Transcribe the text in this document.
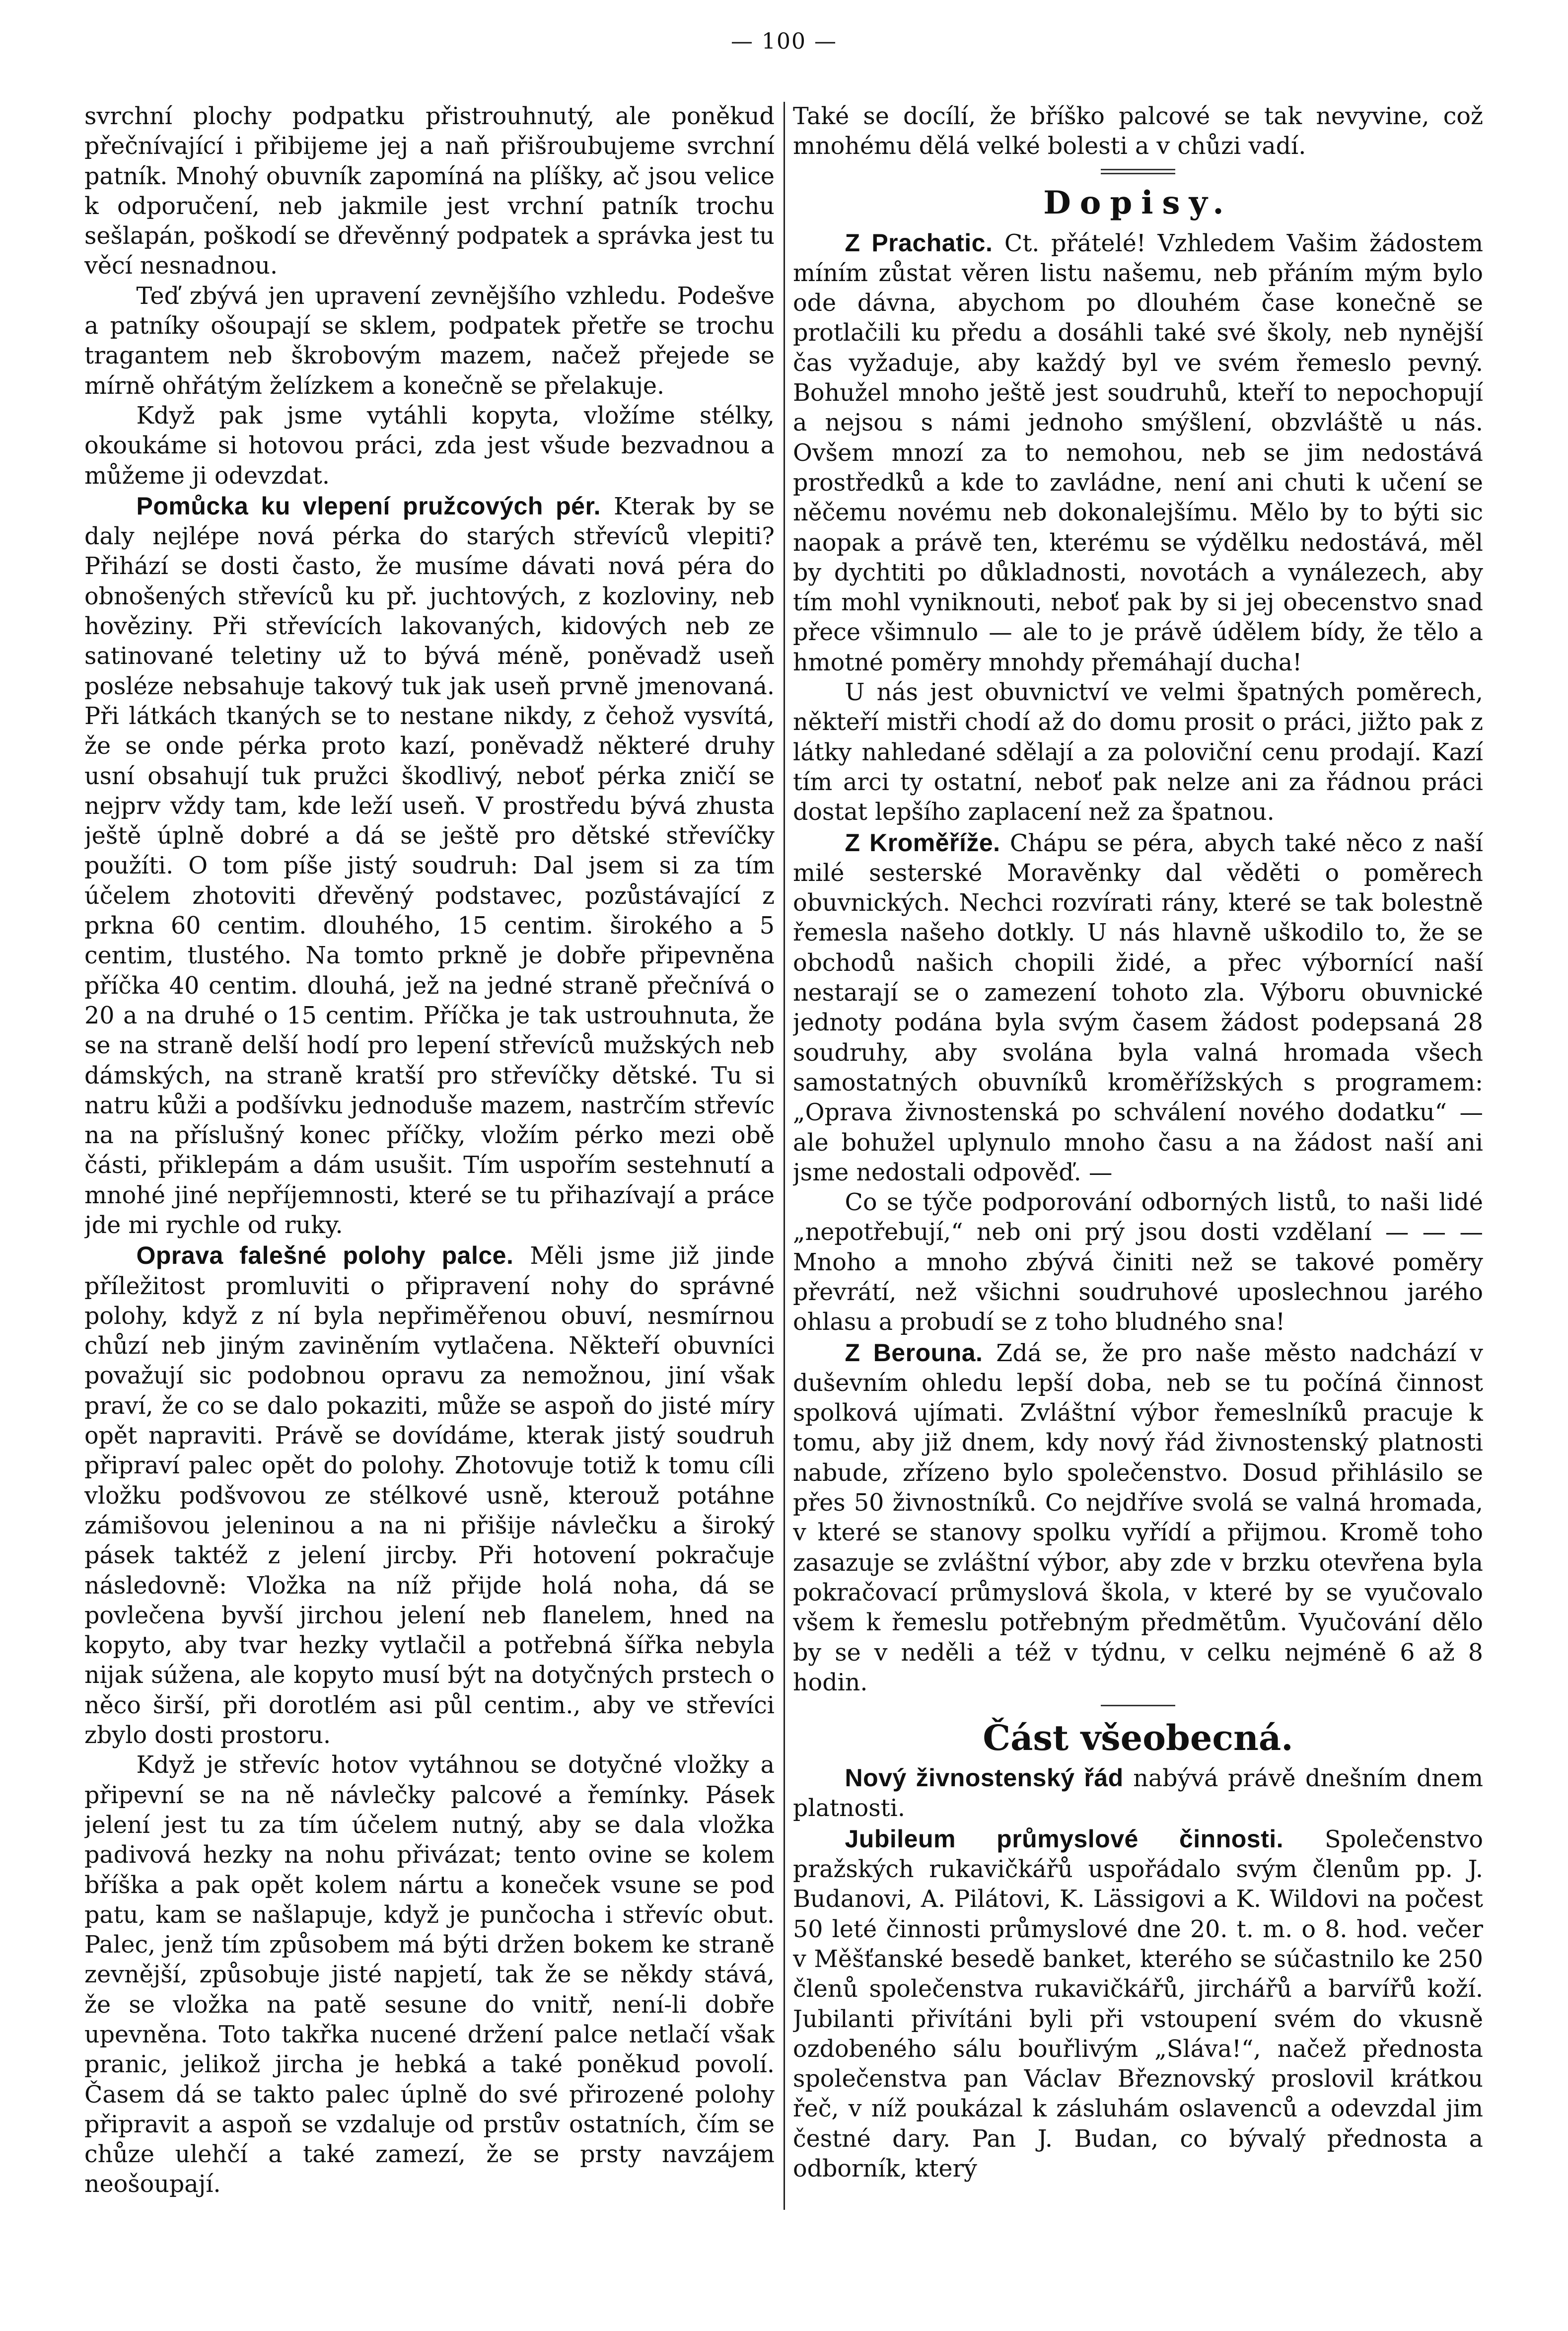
— 100 —

svrchní plochy podpatku přistrouhnutý, ale poněkud přečnívající i přibijeme jej a naň přišroubujeme svrchní patník. Mnohý obuvník zapomíná na plíšky, ač jsou velice k odporučení, neb jakmile jest vrchní patník trochu sešlapán, poškodí se dřevěnný podpatek a správka jest tu věcí nesnadnou.

Teď zbývá jen upravení zevnějšího vzhledu. Podešve a patníky ošoupají se sklem, podpatek přetře se trochu tragantem neb škrobovým mazem, načež přejede se mírně ohřátým želízkem a konečně se přelakuje.

Když pak jsme vytáhli kopyta, vložíme stélky, okoukáme si hotovou práci, zda jest všude bezvadnou a můžeme ji odevzdat.

Pomůcka ku vlepení pružcových pér. Kterak by se daly nejlépe nová pérka do starých střevíců vlepiti? Přihází se dosti často, že musíme dávati nová péra do obnošených střevíců ku př. juchtových, z kozloviny, neb hověziny. Při střevících lakovaných, kidových neb ze satinované teletiny už to bývá méně, poněvadž useň posléze nebsahuje takový tuk jak useň prvně jmenovaná. Při látkách tkaných se to nestane nikdy, z čehož vysvítá, že se onde pérka proto kazí, poněvadž některé druhy usní obsahují tuk pružci škodlivý, neboť pérka zničí se nejprv vždy tam, kde leží useň. V prostředu bývá zhusta ještě úplně dobré a dá se ještě pro dětské střevíčky použíti. O tom píše jistý soudruh: Dal jsem si za tím účelem zhotoviti dřevěný podstavec, pozůstávající z prkna 60 centim. dlouhého, 15 centim. širokého a 5 centim, tlustého. Na tomto prkně je dobře připevněna příčka 40 centim. dlouhá, jež na jedné straně přečnívá o 20 a na druhé o 15 centim. Příčka je tak ustrouhnuta, že se na straně delší hodí pro lepení střevíců mužských neb dámských, na straně kratší pro střevíčky dětské. Tu si natru kůži a podšívku jednoduše mazem, nastrčím střevíc na na příslušný konec příčky, vložím pérko mezi obě části, přiklepám a dám usušit. Tím uspořím sestehnutí a mnohé jiné nepříjemnosti, které se tu přihazívají a práce jde mi rychle od ruky.

Oprava falešné polohy palce. Měli jsme již jinde příležitost promluviti o připravení nohy do správné polohy, když z ní byla nepřiměřenou obuví, nesmírnou chůzí neb jiným zaviněním vytlačena. Někteří obuvníci považují sic podobnou opravu za nemožnou, jiní však praví, že co se dalo pokaziti, může se aspoň do jisté míry opět napraviti. Právě se dovídáme, kterak jistý soudruh připraví palec opět do polohy. Zhotovuje totiž k tomu cíli vložku podšvovou ze stélkové usně, kterouž potáhne zámišovou jeleninou a na ni přišije návlečku a široký pásek taktéž z jelení jircby. Při hotovení pokračuje následovně: Vložka na níž přijde holá noha, dá se povlečena byvší jirchou jelení neb flanelem, hned na kopyto, aby tvar hezky vytlačil a potřebná šířka nebyla nijak súžena, ale kopyto musí být na dotyčných prstech o něco širší, při dorotlém asi půl centim., aby ve střevíci zbylo dosti prostoru.

Když je střevíc hotov vytáhnou se dotyčné vložky a připevní se na ně návlečky palcové a řemínky. Pásek jelení jest tu za tím účelem nutný, aby se dala vložka padivová hezky na nohu přivázat; tento ovine se kolem bříška a pak opět kolem nártu a koneček vsune se pod patu, kam se našlapuje, když je punčocha i střevíc obut. Palec, jenž tím způsobem má býti držen bokem ke straně zevnější, způsobuje jisté napjetí, tak že se někdy stává, že se vložka na patě sesune do vnitř, není-li dobře upevněna. Toto takřka nucené držení palce netlačí však pranic, jelikož jircha je hebká a také poněkud povolí. Časem dá se takto palec úplně do své přirozené polohy připravit a aspoň se vzdaluje od prstův ostatních, čím se chůze ulehčí a také zamezí, že se prsty navzájem neošoupají.

Také se docílí, že bříško palcové se tak nevyvine, což mnohému dělá velké bolesti a v chůzi vadí.

Dopisy.

Z Prachatic. Ct. přátelé! Vzhledem Vašim žádostem míním zůstat věren listu našemu, neb přáním mým bylo ode dávna, abychom po dlouhém čase konečně se protlačili ku předu a dosáhli také své školy, neb nynější čas vyžaduje, aby každý byl ve svém řemeslo pevný. Bohužel mnoho ještě jest soudruhů, kteří to nepochopují a nejsou s námi jednoho smýšlení, obzvláště u nás. Ovšem mnozí za to nemohou, neb se jim nedostává prostředků a kde to zavládne, není ani chuti k učení se něčemu novému neb dokonalejšímu. Mělo by to býti sic naopak a právě ten, kterému se výdělku nedostává, měl by dychtiti po důkladnosti, novotách a vynálezech, aby tím mohl vyniknouti, neboť pak by si jej obecenstvo snad přece všimnulo — ale to je právě údělem bídy, že tělo a hmotné poměry mnohdy přemáhají ducha!

U nás jest obuvnictví ve velmi špatných poměrech, někteří mistři chodí až do domu prosit o práci, jižto pak z látky nahledané sdělají a za poloviční cenu prodají. Kazí tím arci ty ostatní, neboť pak nelze ani za řádnou práci dostat lepšího zaplacení než za špatnou.

Z Kroměříže. Chápu se péra, abych také něco z naší milé sesterské Moravěnky dal věděti o poměrech obuvnických. Nechci rozvírati rány, které se tak bolestně řemesla našeho dotkly. U nás hlavně uškodilo to, že se obchodů našich chopili židé, a přec výbornící naší nestarají se o zamezení tohoto zla. Výboru obuvnické jednoty podána byla svým časem žádost podepsaná 28 soudruhy, aby svolána byla valná hromada všech samostatných obuvníků kroměřížských s programem: „Oprava živnostenská po schválení nového dodatku“ — ale bohužel uplynulo mnoho času a na žádost naší ani jsme nedostali odpověď. —

Co se týče podporování odborných listů, to naši lidé „nepotřebují,“ neb oni prý jsou dosti vzdělaní — — — Mnoho a mnoho zbývá činiti než se takové poměry převrátí, než všichni soudruhové uposlechnou jarého ohlasu a probudí se z toho bludného sna!

Z Berouna. Zdá se, že pro naše město nadchází v duševním ohledu lepší doba, neb se tu počíná činnost spolková ujímati. Zvláštní výbor řemeslníků pracuje k tomu, aby již dnem, kdy nový řád živnostenský platnosti nabude, zřízeno bylo společenstvo. Dosud přihlásilo se přes 50 živnostníků. Co nejdříve svolá se valná hromada, v které se stanovy spolku vyřídí a přijmou. Kromě toho zasazuje se zvláštní výbor, aby zde v brzku otevřena byla pokračovací průmyslová škola, v které by se vyučovalo všem k řemeslu potřebným předmětům. Vyučování dělo by se v neděli a též v týdnu, v celku nejméně 6 až 8 hodin.

Část všeobecná.

Nový živnostenský řád nabývá právě dnešním dnem platnosti.

Jubileum průmyslové činnosti. Společenstvo pražských rukavičkářů uspořádalo svým členům pp. J. Budanovi, A. Pilátovi, K. Lässigovi a K. Wildovi na počest 50 leté činnosti průmyslové dne 20. t. m. o 8. hod. večer v Měšťanské besedě banket, kterého se súčastnilo ke 250 členů společenstva rukavičkářů, jirchářů a barvířů koží. Jubilanti přivítáni byli při vstoupení svém do vkusně ozdobeného sálu bouřlivým „Sláva!“, načež přednosta společenstva pan Václav Březnovský proslovil krátkou řeč, v níž poukázal k zásluhám oslavenců a odevzdal jim čestné dary. Pan J. Budan, co bývalý přednosta a odborník, který
